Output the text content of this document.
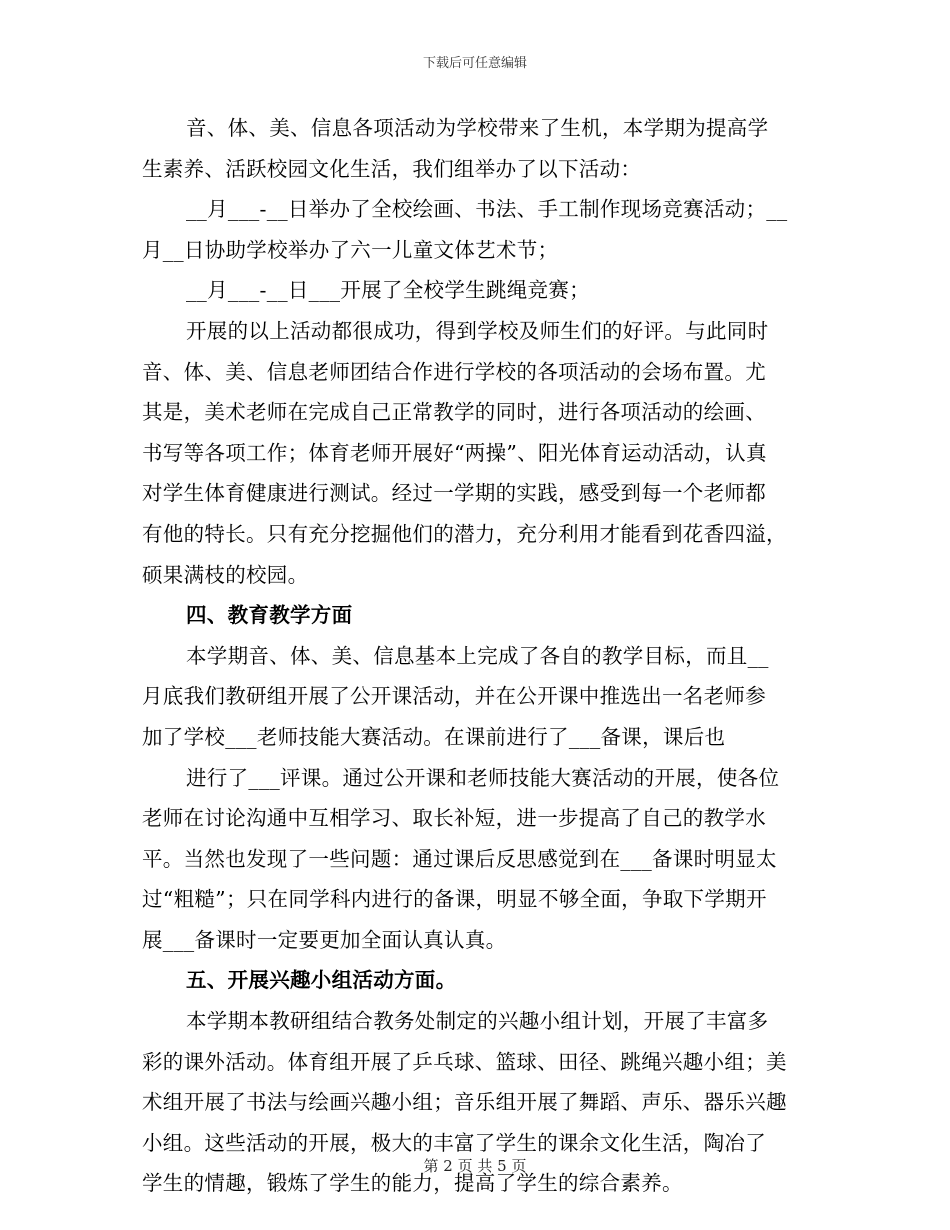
下载后可任意编辑
音、体、美、信息各项活动为学校带来了生机，本学期为提高学
生素养、活跃校园文化生活，我们组举办了以下活动：
__月___-__日举办了全校绘画、书法、手工制作现场竞赛活动；__
月__日协助学校举办了六一儿童文体艺术节；
__月___-__日___开展了全校学生跳绳竞赛；
开展的以上活动都很成功，得到学校及师生们的好评。与此同时
音、体、美、信息老师团结合作进行学校的各项活动的会场布置。尤
其是，美术老师在完成自己正常教学的同时，进行各项活动的绘画、
书写等各项工作；体育老师开展好“两操”、阳光体育运动活动，认真
对学生体育健康进行测试。经过一学期的实践，感受到每一个老师都
有他的特长。只有充分挖掘他们的潜力，充分利用才能看到花香四溢，
硕果满枝的校园。
四、教育教学方面
本学期音、体、美、信息基本上完成了各自的教学目标，而且__
月底我们教研组开展了公开课活动，并在公开课中推选出一名老师参
加了学校___老师技能大赛活动。在课前进行了___备课，课后也
进行了___评课。通过公开课和老师技能大赛活动的开展，使各位
老师在讨论沟通中互相学习、取长补短，进一步提高了自己的教学水
平。当然也发现了一些问题：通过课后反思感觉到在___备课时明显太
过“粗糙”；只在同学科内进行的备课，明显不够全面，争取下学期开
展___备课时一定要更加全面认真认真。
五、开展兴趣小组活动方面。
本学期本教研组结合教务处制定的兴趣小组计划，开展了丰富多
彩的课外活动。体育组开展了乒乓球、篮球、田径、跳绳兴趣小组；美
术组开展了书法与绘画兴趣小组；音乐组开展了舞蹈、声乐、器乐兴趣
小组。这些活动的开展，极大的丰富了学生的课余文化生活，陶冶了
学生的情趣，锻炼了学生的能力，提高了学生的综合素养。
第 2 页 共 5 页
